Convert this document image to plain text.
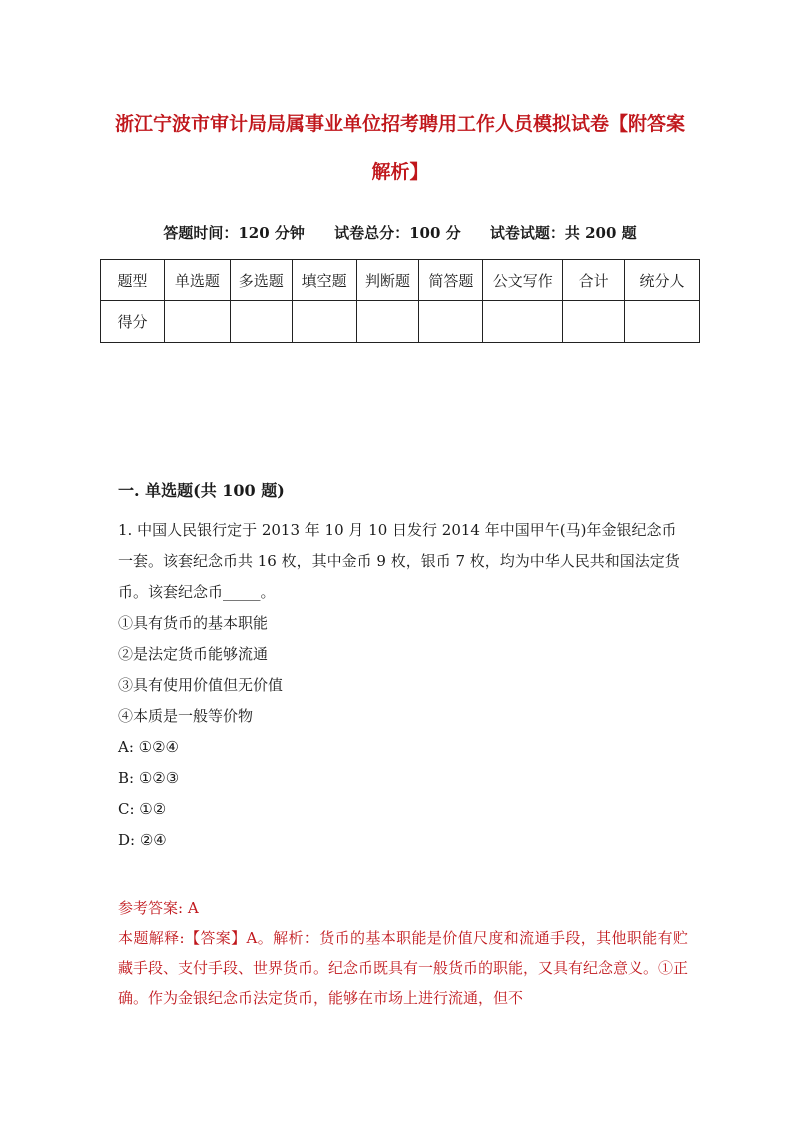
浙江宁波市审计局局属事业单位招考聘用工作人员模拟试卷【附答案解析】
答题时间：120 分钟 试卷总分：100 分 试卷试题：共 200 题
题型	单选题	多选题	填空题	判断题	简答题	公文写作	合计	统分人
得分								
一. 单选题(共 100 题)

1. 中国人民银行定于 2013 年 10 月 10 日发行 2014 年中国甲午(马)年金银纪念币一套。该套纪念币共 16 枚，其中金币 9 枚，银币 7 枚，均为中华人民共和国法定货币。该套纪念币_____。

①具有货币的基本职能

②是法定货币能够流通

③具有使用价值但无价值

④本质是一般等价物

A: ①②④

B: ①②③

C: ①②

D: ②④

参考答案: A

本题解释:【答案】A。解析：货币的基本职能是价值尺度和流通手段，其他职能有贮藏手段、支付手段、世界货币。纪念币既具有一般货币的职能，又具有纪念意义。①正确。作为金银纪念币法定货币，能够在市场上进行流通，但不
